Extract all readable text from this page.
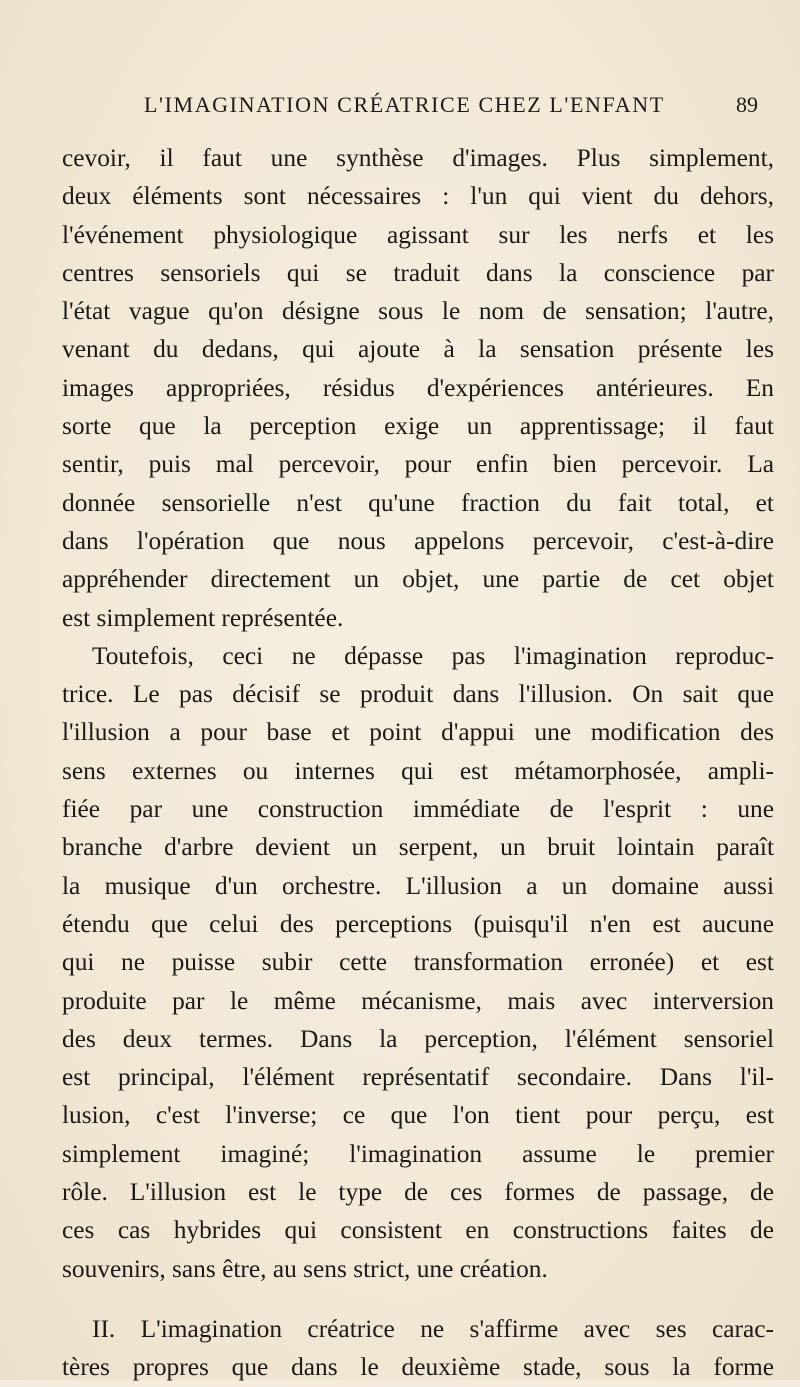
L'IMAGINATION CRÉATRICE CHEZ L'ENFANT	89
cevoir, il faut une synthèse d'images. Plus simplement,
deux éléments sont nécessaires : l'un qui vient du dehors,
l'événement physiologique agissant sur les nerfs et les
centres sensoriels qui se traduit dans la conscience par
l'état vague qu'on désigne sous le nom de sensation; l'autre,
venant du dedans, qui ajoute à la sensation présente les
images appropriées, résidus d'expériences antérieures. En
sorte que la perception exige un apprentissage; il faut
sentir, puis mal percevoir, pour enfin bien percevoir. La
donnée sensorielle n'est qu'une fraction du fait total, et
dans l'opération que nous appelons percevoir, c'est-à-dire
appréhender directement un objet, une partie de cet objet
est simplement représentée.
Toutefois, ceci ne dépasse pas l'imagination reproduc-
trice. Le pas décisif se produit dans l'illusion. On sait que
l'illusion a pour base et point d'appui une modification des
sens externes ou internes qui est métamorphosée, ampli-
fiée par une construction immédiate de l'esprit : une
branche d'arbre devient un serpent, un bruit lointain paraît
la musique d'un orchestre. L'illusion a un domaine aussi
étendu que celui des perceptions (puisqu'il n'en est aucune
qui ne puisse subir cette transformation erronée) et est
produite par le même mécanisme, mais avec interversion
des deux termes. Dans la perception, l'élément sensoriel
est principal, l'élément représentatif secondaire. Dans l'il-
lusion, c'est l'inverse; ce que l'on tient pour perçu, est
simplement imaginé; l'imagination assume le premier
rôle. L'illusion est le type de ces formes de passage, de
ces cas hybrides qui consistent en constructions faites de
souvenirs, sans être, au sens strict, une création.
II. L'imagination créatrice ne s'affirme avec ses carac-
tères propres que dans le deuxième stade, sous la forme
